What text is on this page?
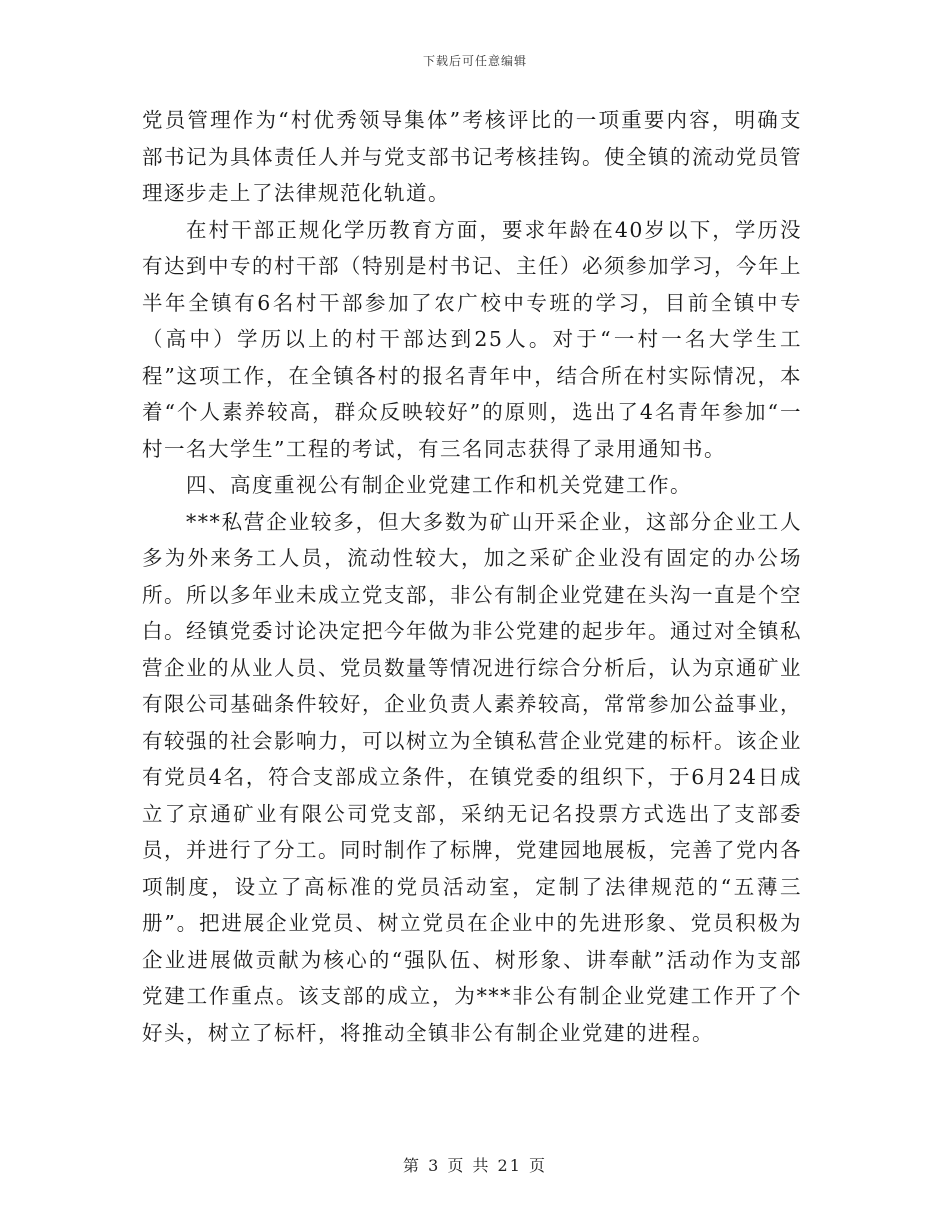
下载后可任意编辑

党员管理作为“村优秀领导集体”考核评比的一项重要内容，明确支部书记为具体责任人并与党支部书记考核挂钩。使全镇的流动党员管理逐步走上了法律规范化轨道。

在村干部正规化学历教育方面，要求年龄在40岁以下，学历没有达到中专的村干部（特别是村书记、主任）必须参加学习，今年上半年全镇有6名村干部参加了农广校中专班的学习，目前全镇中专（高中）学历以上的村干部达到25人。对于“一村一名大学生工程”这项工作，在全镇各村的报名青年中，结合所在村实际情况，本着“个人素养较高，群众反映较好”的原则，选出了4名青年参加“一村一名大学生”工程的考试，有三名同志获得了录用通知书。

四、高度重视公有制企业党建工作和机关党建工作。

***私营企业较多，但大多数为矿山开采企业，这部分企业工人多为外来务工人员，流动性较大，加之采矿企业没有固定的办公场所。所以多年业未成立党支部，非公有制企业党建在头沟一直是个空白。经镇党委讨论决定把今年做为非公党建的起步年。通过对全镇私营企业的从业人员、党员数量等情况进行综合分析后，认为京通矿业有限公司基础条件较好，企业负责人素养较高，常常参加公益事业，有较强的社会影响力，可以树立为全镇私营企业党建的标杆。该企业有党员4名，符合支部成立条件，在镇党委的组织下，于6月24日成立了京通矿业有限公司党支部，采纳无记名投票方式选出了支部委员，并进行了分工。同时制作了标牌，党建园地展板，完善了党内各项制度，设立了高标准的党员活动室，定制了法律规范的“五薄三册”。把进展企业党员、树立党员在企业中的先进形象、党员积极为企业进展做贡献为核心的“强队伍、树形象、讲奉献”活动作为支部党建工作重点。该支部的成立，为***非公有制企业党建工作开了个好头，树立了标杆，将推动全镇非公有制企业党建的进程。

第 3 页 共 21 页
